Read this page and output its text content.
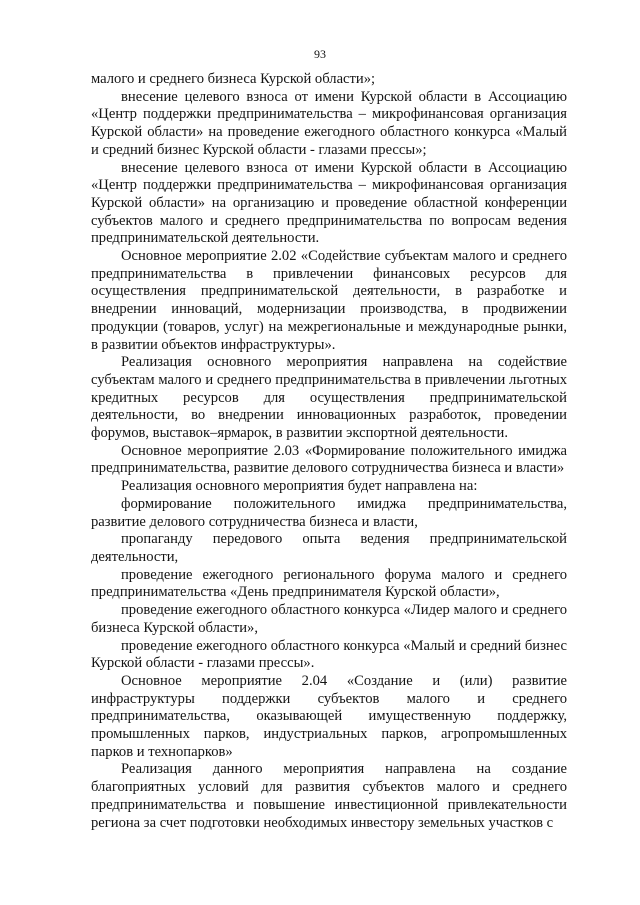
93

малого и среднего бизнеса Курской области»;

внесение целевого взноса от имени Курской области в Ассоциацию «Центр поддержки предпринимательства – микрофинансовая организация Курской области» на проведение ежегодного областного конкурса «Малый и средний бизнес Курской области - глазами прессы»;

внесение целевого взноса от имени Курской области в Ассоциацию «Центр поддержки предпринимательства – микрофинансовая организация Курской области» на организацию и проведение областной конференции субъектов малого и среднего предпринимательства по вопросам ведения предпринимательской деятельности.

Основное мероприятие 2.02 «Содействие субъектам малого и среднего предпринимательства в привлечении финансовых ресурсов для осуществления предпринимательской деятельности, в разработке и внедрении инноваций, модернизации производства, в продвижении продукции (товаров, услуг) на межрегиональные и международные рынки, в развитии объектов инфраструктуры».

Реализация основного мероприятия направлена на содействие субъектам малого и среднего предпринимательства в привлечении льготных кредитных ресурсов для осуществления предпринимательской деятельности, во внедрении инновационных разработок, проведении форумов, выставок–ярмарок, в развитии экспортной деятельности.

Основное мероприятие 2.03 «Формирование положительного имиджа предпринимательства, развитие делового сотрудничества бизнеса и власти»

Реализация основного мероприятия будет направлена на:

формирование положительного имиджа предпринимательства, развитие делового сотрудничества бизнеса и власти,

пропаганду передового опыта ведения предпринимательской деятельности,

проведение ежегодного регионального форума малого и среднего предпринимательства «День предпринимателя Курской области»,

проведение ежегодного областного конкурса «Лидер малого и среднего бизнеса Курской области»,

проведение ежегодного областного конкурса «Малый и средний бизнес Курской области - глазами прессы».

Основное мероприятие 2.04 «Создание и (или) развитие инфраструктуры поддержки субъектов малого и среднего предпринимательства, оказывающей имущественную поддержку, промышленных парков, индустриальных парков, агропромышленных парков и технопарков»

Реализация данного мероприятия направлена на создание благоприятных условий для развития субъектов малого и среднего предпринимательства и повышение инвестиционной привлекательности региона за счет подготовки необходимых инвестору земельных участков с
